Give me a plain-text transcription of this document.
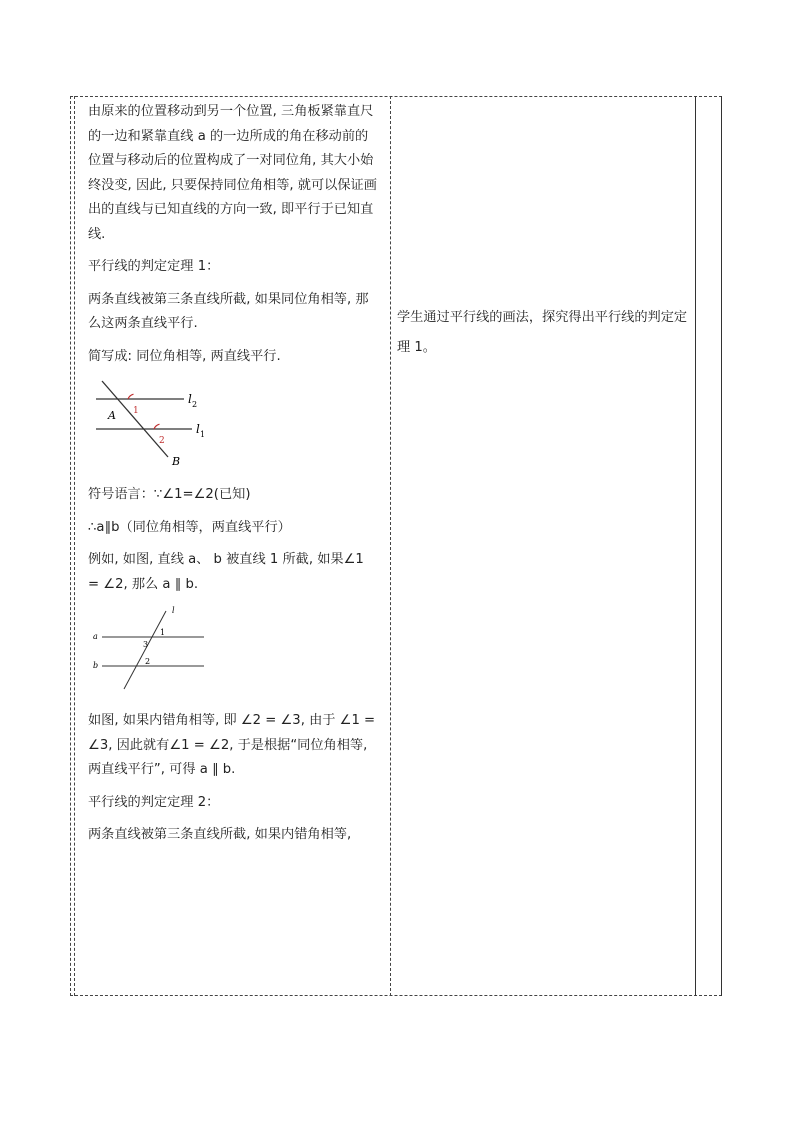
由原来的位置移动到另一个位置, 三角板紧靠直尺的一边和紧靠直线 a 的一边所成的角在移动前的位置与移动后的位置构成了一对同位角, 其大小始终没变, 因此, 只要保持同位角相等, 就可以保证画出的直线与已知直线的方向一致, 即平行于已知直线.

平行线的判定定理 1：

两条直线被第三条直线所截, 如果同位角相等, 那么这两条直线平行.

简写成: 同位角相等, 两直线平行.

l 2
l 1
A
B
1
2

符号语言：∵∠1=∠2(已知)

∴a∥b（同位角相等，两直线平行）

例如, 如图, 直线 a、 b 被直线 1 所截, 如果∠1 = ∠2, 那么 a ∥ b.

l
a
b
1
3
2

如图, 如果内错角相等, 即 ∠2 = ∠3, 由于 ∠1 = ∠3, 因此就有∠1 = ∠2, 于是根据“同位角相等, 两直线平行”, 可得 a ∥ b.

平行线的判定定理 2：

两条直线被第三条直线所截, 如果内错角相等,

学生通过平行线的画法，探究得出平行线的判定定理 1。
